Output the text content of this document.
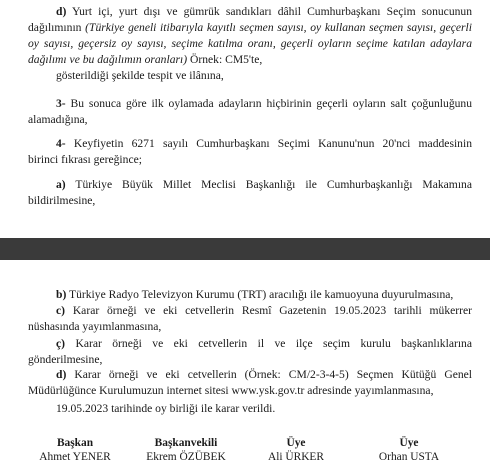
d) Yurt içi, yurt dışı ve gümrük sandıkları dâhil Cumhurbaşkanı Seçim sonucunun

dağılımının (Türkiye geneli itibarıyla kayıtlı seçmen sayısı, oy kullanan seçmen sayısı, geçerli

oy sayısı, geçersiz oy sayısı, seçime katılma oranı, geçerli oyların seçime katılan adaylara

dağılımı ve bu dağılımın oranları) Örnek: CM5'te,

gösterildiği şekilde tespit ve ilânına,

3- Bu sonuca göre ilk oylamada adayların hiçbirinin geçerli oyların salt çoğunluğunu

alamadığına,

4- Keyfiyetin 6271 sayılı Cumhurbaşkanı Seçimi Kanunu'nun 20'nci maddesinin

birinci fıkrası gereğince;

a) Türkiye Büyük Millet Meclisi Başkanlığı ile Cumhurbaşkanlığı Makamına

bildirilmesine,

b) Türkiye Radyo Televizyon Kurumu (TRT) aracılığı ile kamuoyuna duyurulmasına,

c) Karar örneği ve eki cetvellerin Resmî Gazetenin 19.05.2023 tarihli mükerrer

nüshasında yayımlanmasına,

ç) Karar örneği ve eki cetvellerin il ve ilçe seçim kurulu başkanlıklarına

gönderilmesine,

d) Karar örneği ve eki cetvellerin (Örnek: CM/2-3-4-5) Seçmen Kütüğü Genel

Müdürlüğünce Kurulumuzun internet sitesi www.ysk.gov.tr adresinde yayımlanmasına,

19.05.2023 tarihinde oy birliği ile karar verildi.

Başkan
Ahmet YENER
Başkanvekili
Ekrem ÖZÜBEK
Üye
Ali ÜRKER
Üye
Orhan USTA
